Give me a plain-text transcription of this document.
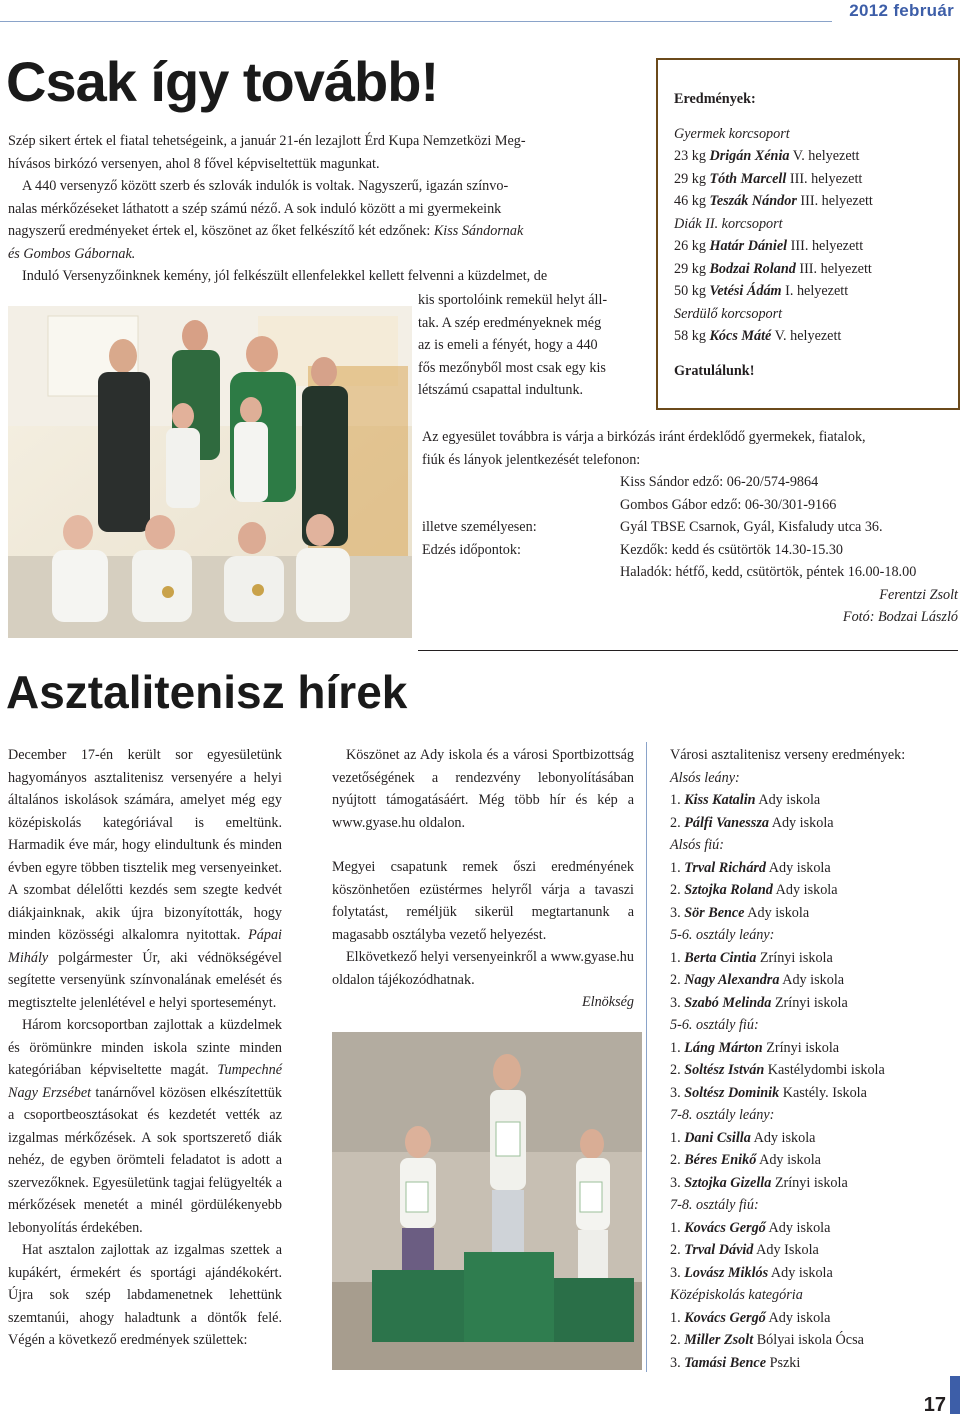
2012 február
Csak így tovább!
Szép sikert értek el fiatal tehetségeink, a január 21-én lezajlott Érd Kupa Nemzetközi Meg-
hívásos birkózó versenyen, ahol 8 fővel képviseltettük magunkat.
A 440 versenyző között szerb és szlovák indulók is voltak. Nagyszerű, igazán színvo-
nalas mérkőzéseket láthatott a szép számú néző. A sok induló között a mi gyermekeink
nagyszerű eredményeket értek el, köszönet az őket felkészítő két edzőnek: Kiss Sándornak
és Gombos Gábornak.
Induló Versenyzőinknek kemény, jól felkészült ellenfelekkel kellett felvenni a küzdelmet, de
kis sportolóink remekül helyt áll-
tak. A szép eredményeknek még
az is emeli a fényét, hogy a 440
fős mezőnyből most csak egy kis
létszámú csapattal indultunk.
Eredmények:
Gyermek korcsoport
23 kg Drigán Xénia V. helyezett
29 kg Tóth Marcell III. helyezett
46 kg Teszák Nándor III. helyezett
Diák II. korcsoport
26 kg Határ Dániel III. helyezett
29 kg Bodzai Roland III. helyezett
50 kg Vetési Ádám I. helyezett
Serdülő korcsoport
58 kg Kócs Máté V. helyezett
Gratulálunk!
Az egyesület továbbra is várja a birkózás iránt érdeklődő gyermekek, fiatalok,
fiúk és lányok jelentkezését telefonon:
Kiss Sándor edző: 06-20/574-9864
Gombos Gábor edző: 06-30/301-9166
illetve személyesen:	Gyál TBSE Csarnok, Gyál, Kisfaludy utca 36.
Edzés időpontok:	Kezdők: kedd és csütörtök 14.30-15.30
Haladók: hétfő, kedd, csütörtök, péntek 16.00-18.00
Ferentzi Zsolt
Fotó: Bodzai László
Asztalitenisz hírek

December 17-én került sor egyesületünk hagyományos asztalitenisz versenyére a helyi általános iskolások számára, amelyet még egy középiskolás kategóriával is emeltünk. Harmadik éve már, hogy elindultunk és minden évben egyre többen tisztelik meg versenyeinket. A szombat délelőtti kezdés sem szegte kedvét diákjainknak, akik újra bizonyították, hogy minden közösségi alkalomra nyitottak. Pápai Mihály polgármester Úr, aki védnökségével segítette versenyünk színvonalának emelését és megtisztelte jelenlétével e helyi sporteseményt.

Három korcsoportban zajlottak a küzdelmek és örömünkre minden iskola szinte minden kategóriában képviseltette magát. Tumpechné Nagy Erzsébet tanárnővel közösen elkészítettük a csoportbeosztásokat és kezdetét vették az izgalmas mérkőzések. A sok sportszerető diák nehéz, de egyben örömteli feladatot is adott a szervezőknek. Egyesületünk tagjai felügyelték a mérkőzések menetét a minél gördülékenyebb lebonyolítás érdekében.

Hat asztalon zajlottak az izgalmas szettek a kupákért, érmekért és sportági ajándékokért. Újra sok szép labdamenetnek lehettünk szemtanúi, ahogy haladtunk a döntők felé. Végén a következő eredmények születtek:

Köszönet az Ady iskola és a városi Sportbizottság vezetőségének a rendezvény lebonyolításában nyújtott támogatásáért. Még több hír és kép a www.gyase.hu oldalon.

Megyei csapatunk remek őszi eredményének köszönhetően ezüstérmes helyről várja a tavaszi folytatást, reméljük sikerül megtartanunk a magasabb osztályba vezető helyezést.

Elkövetkező helyi versenyeinkről a www.gyase.hu oldalon tájékozódhatnak.

Elnökség

Városi asztalitenisz verseny eredmények:
Alsós leány:
1. Kiss Katalin Ady iskola
2. Pálfi Vanessza Ady iskola
Alsós fiú:
1. Trval Richárd Ady iskola
2. Sztojka Roland Ady iskola
3. Sör Bence Ady iskola
5-6. osztály leány:
1. Berta Cintia Zrínyi iskola
2. Nagy Alexandra Ady iskola
3. Szabó Melinda Zrínyi iskola
5-6. osztály fiú:
1. Láng Márton Zrínyi iskola
2. Soltész István Kastélydombi iskola
3. Soltész Dominik Kastély. Iskola
7-8. osztály leány:
1. Dani Csilla Ady iskola
2. Béres Enikő Ady iskola
3. Sztojka Gizella Zrínyi iskola
7-8. osztály fiú:
1. Kovács Gergő Ady iskola
2. Trval Dávid Ady Iskola
3. Lovász Miklós Ady iskola
Középiskolás kategória
1. Kovács Gergő Ady iskola
2. Miller Zsolt Bólyai iskola Ócsa
3. Tamási Bence Pszki
17
